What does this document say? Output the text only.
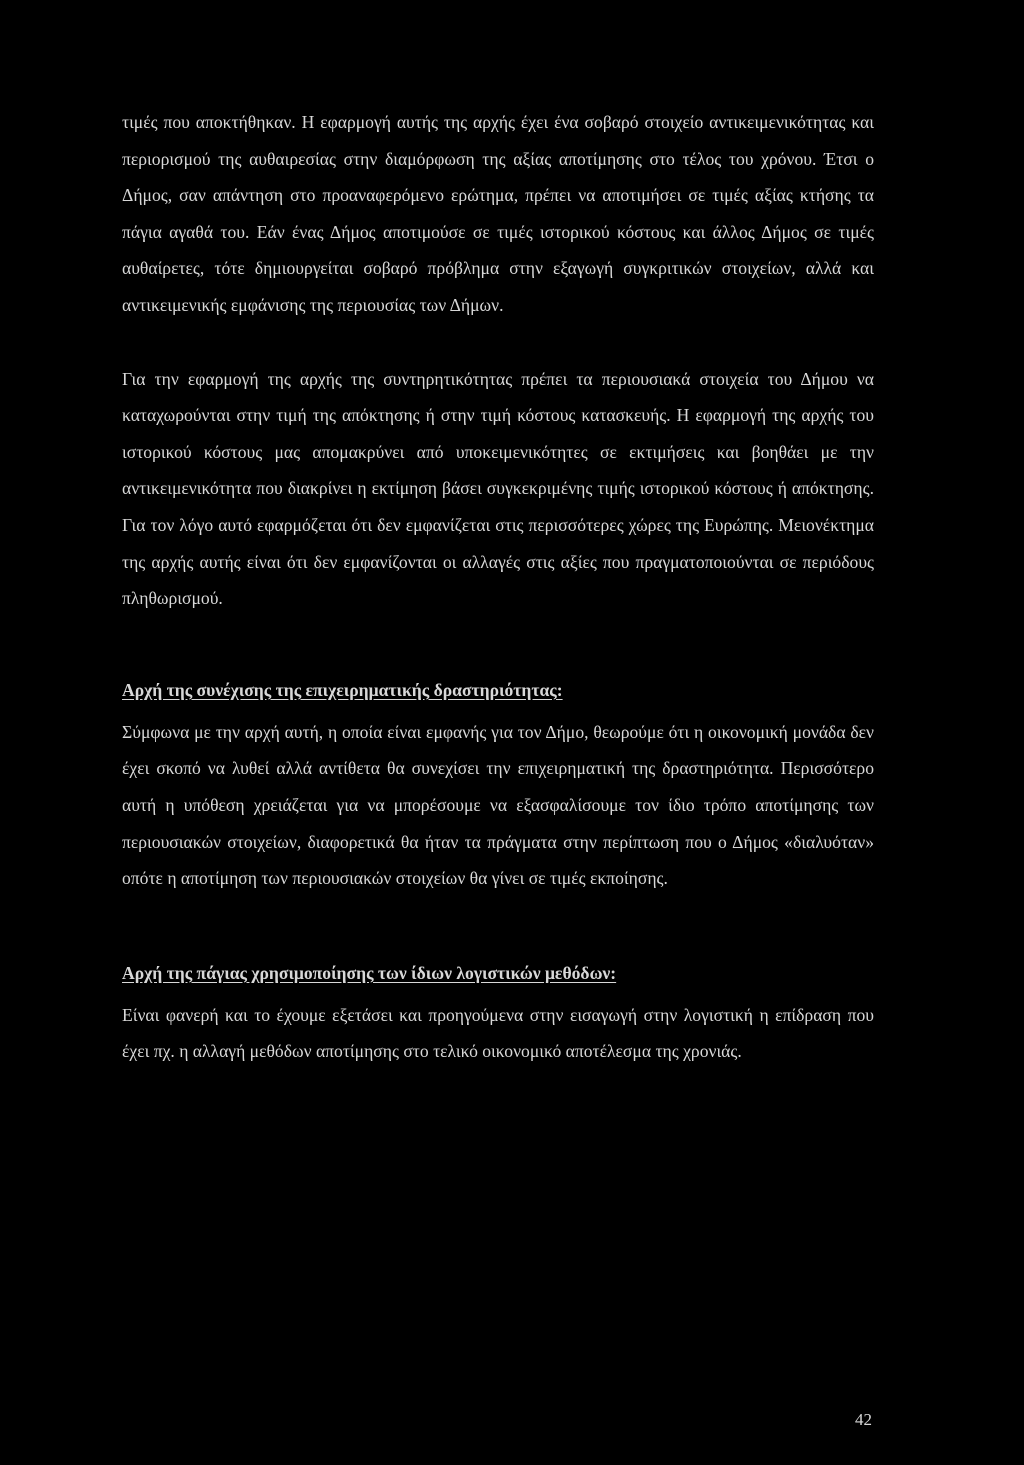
τιμές που αποκτήθηκαν. Η εφαρμογή αυτής της αρχής έχει ένα σοβαρό στοιχείο αντικειμενικότητας και περιορισμού της αυθαιρεσίας στην διαμόρφωση της αξίας αποτίμησης στο τέλος του χρόνου. Έτσι ο Δήμος, σαν απάντηση στο προαναφερόμενο ερώτημα, πρέπει να αποτιμήσει σε τιμές αξίας κτήσης τα πάγια αγαθά του. Εάν ένας Δήμος αποτιμούσε σε τιμές ιστορικού κόστους και άλλος Δήμος σε τιμές αυθαίρετες, τότε δημιουργείται σοβαρό πρόβλημα στην εξαγωγή συγκριτικών στοιχείων, αλλά και αντικειμενικής εμφάνισης της περιουσίας των Δήμων.

Για την εφαρμογή της αρχής της συντηρητικότητας πρέπει τα περιουσιακά στοιχεία του Δήμου να καταχωρούνται στην τιμή της απόκτησης ή στην τιμή κόστους κατασκευής. Η εφαρμογή της αρχής του ιστορικού κόστους μας απομακρύνει από υποκειμενικότητες σε εκτιμήσεις και βοηθάει με την αντικειμενικότητα που διακρίνει η εκτίμηση βάσει συγκεκριμένης τιμής ιστορικού κόστους ή απόκτησης. Για τον λόγο αυτό εφαρμόζεται ότι δεν εμφανίζεται στις περισσότερες χώρες της Ευρώπης. Μειονέκτημα της αρχής αυτής είναι ότι δεν εμφανίζονται οι αλλαγές στις αξίες που πραγματοποιούνται σε περιόδους πληθωρισμού.

Αρχή της συνέχισης της επιχειρηματικής δραστηριότητας:

Σύμφωνα με την αρχή αυτή, η οποία είναι εμφανής για τον Δήμο, θεωρούμε ότι η οικονομική μονάδα δεν έχει σκοπό να λυθεί αλλά αντίθετα θα συνεχίσει την επιχειρηματική της δραστηριότητα. Περισσότερο αυτή η υπόθεση χρειάζεται για να μπορέσουμε να εξασφαλίσουμε τον ίδιο τρόπο αποτίμησης των περιουσιακών στοιχείων, διαφορετικά θα ήταν τα πράγματα στην περίπτωση που ο Δήμος «διαλυόταν» οπότε η αποτίμηση των περιουσιακών στοιχείων θα γίνει σε τιμές εκποίησης.

Αρχή της πάγιας χρησιμοποίησης των ίδιων λογιστικών μεθόδων:

Είναι φανερή και το έχουμε εξετάσει και προηγούμενα στην εισαγωγή στην λογιστική η επίδραση που έχει πχ. η αλλαγή μεθόδων αποτίμησης στο τελικό οικονομικό αποτέλεσμα της χρονιάς.

42
